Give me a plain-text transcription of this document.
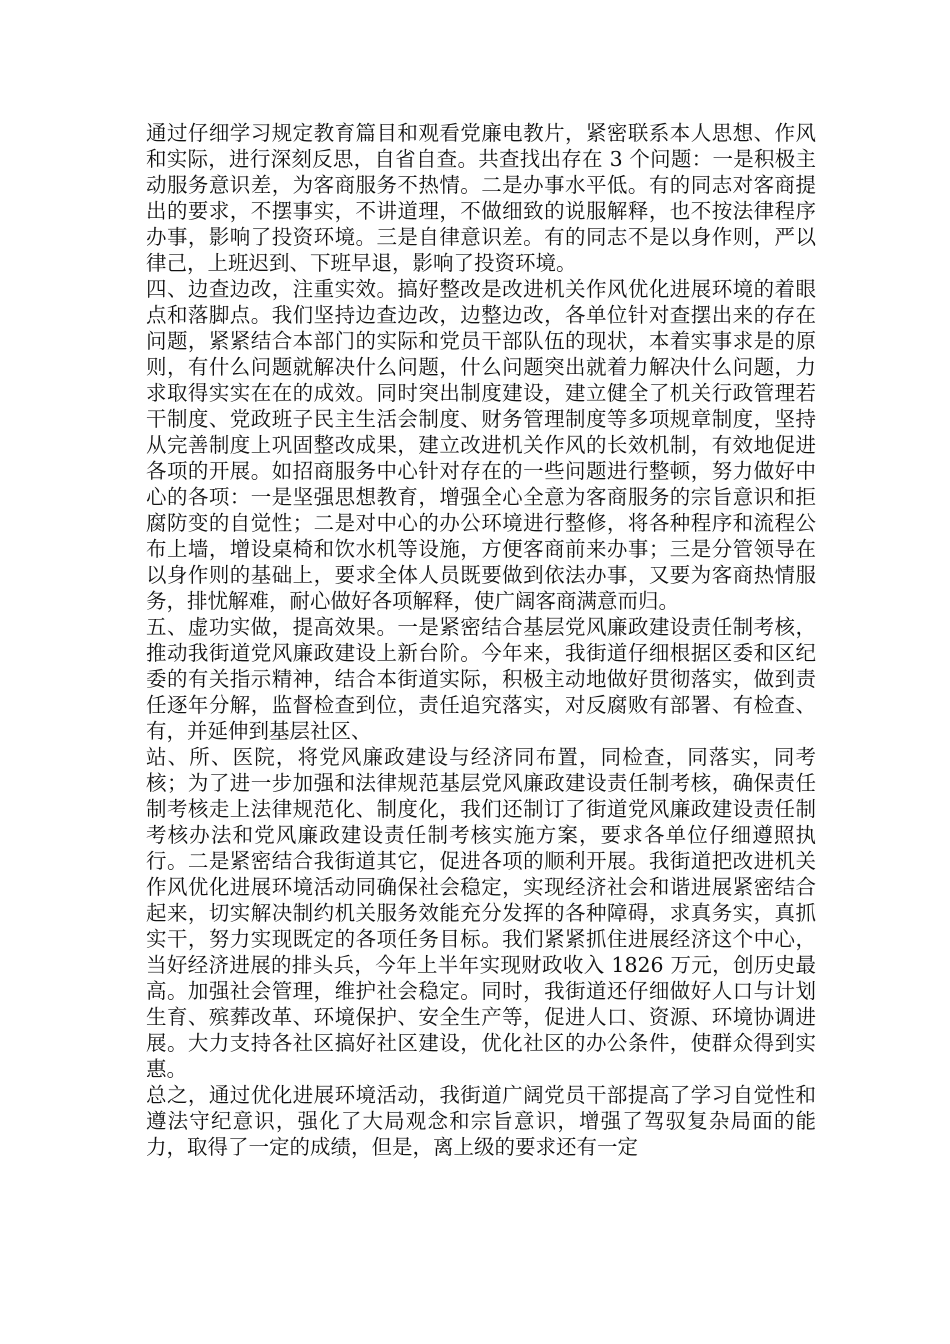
通过仔细学习规定教育篇目和观看党廉电教片，紧密联系本人思想、作风和实际，进行深刻反思，自省自查。共查找出存在 3 个问题：一是积极主动服务意识差，为客商服务不热情。二是办事水平低。有的同志对客商提出的要求，不摆事实，不讲道理，不做细致的说服解释，也不按法律程序办事，影响了投资环境。三是自律意识差。有的同志不是以身作则，严以律己，上班迟到、下班早退，影响了投资环境。

四、边查边改，注重实效。搞好整改是改进机关作风优化进展环境的着眼点和落脚点。我们坚持边查边改，边整边改，各单位针对查摆出来的存在问题，紧紧结合本部门的实际和党员干部队伍的现状，本着实事求是的原则，有什么问题就解决什么问题，什么问题突出就着力解决什么问题，力求取得实实在在的成效。同时突出制度建设，建立健全了机关行政管理若干制度、党政班子民主生活会制度、财务管理制度等多项规章制度，坚持从完善制度上巩固整改成果，建立改进机关作风的长效机制，有效地促进各项的开展。如招商服务中心针对存在的一些问题进行整顿，努力做好中心的各项：一是坚强思想教育，增强全心全意为客商服务的宗旨意识和拒腐防变的自觉性；二是对中心的办公环境进行整修，将各种程序和流程公布上墙，增设桌椅和饮水机等设施，方便客商前来办事；三是分管领导在以身作则的基础上，要求全体人员既要做到依法办事，又要为客商热情服务，排忧解难，耐心做好各项解释，使广阔客商满意而归。

五、虚功实做，提高效果。一是紧密结合基层党风廉政建设责任制考核，推动我街道党风廉政建设上新台阶。今年来，我街道仔细根据区委和区纪委的有关指示精神，结合本街道实际，积极主动地做好贯彻落实，做到责任逐年分解，监督检查到位，责任追究落实，对反腐败有部署、有检查、有，并延伸到基层社区、

站、所、医院，将党风廉政建设与经济同布置，同检查，同落实，同考核；为了进一步加强和法律规范基层党风廉政建设责任制考核，确保责任制考核走上法律规范化、制度化，我们还制订了街道党风廉政建设责任制考核办法和党风廉政建设责任制考核实施方案，要求各单位仔细遵照执行。二是紧密结合我街道其它，促进各项的顺利开展。我街道把改进机关作风优化进展环境活动同确保社会稳定，实现经济社会和谐进展紧密结合起来，切实解决制约机关服务效能充分发挥的各种障碍，求真务实，真抓实干，努力实现既定的各项任务目标。我们紧紧抓住进展经济这个中心，当好经济进展的排头兵，今年上半年实现财政收入 1826 万元，创历史最高。加强社会管理，维护社会稳定。同时，我街道还仔细做好人口与计划生育、殡葬改革、环境保护、安全生产等，促进人口、资源、环境协调进展。大力支持各社区搞好社区建设，优化社区的办公条件，使群众得到实惠。

总之，通过优化进展环境活动，我街道广阔党员干部提高了学习自觉性和遵法守纪意识，强化了大局观念和宗旨意识，增强了驾驭复杂局面的能力，取得了一定的成绩，但是，离上级的要求还有一定
